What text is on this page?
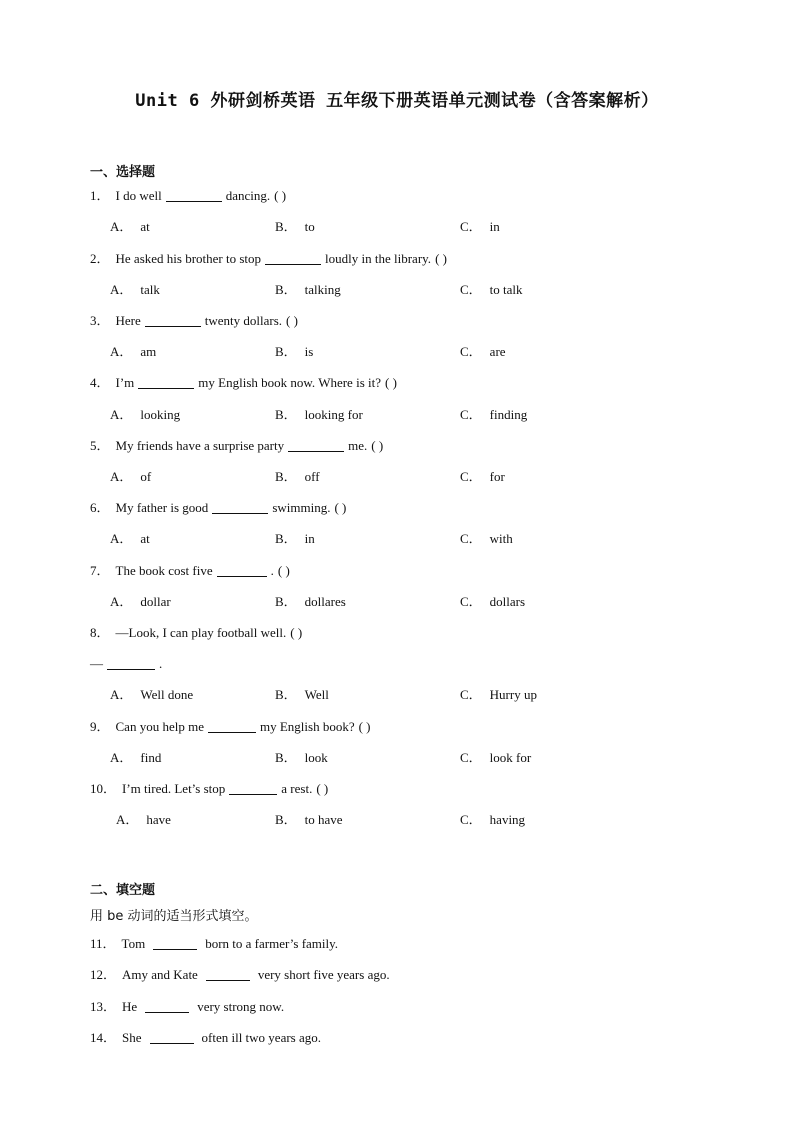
Unit 6 外研剑桥英语 五年级下册英语单元测试卷（含答案解析）
一、选择题
1． I do well	dancing. ( )
A． at	B． to	C． in
2． He asked his brother to stop	loudly in the library. ( )
A． talk	B． talking	C． to talk
3． Here	twenty dollars. ( )
A． am	B． is	C． are
4． I’m	my English book now. Where is it? ( )
A． looking	B． looking for	C． finding
5． My friends have a surprise party	me. ( )
A． of	B． off	C． for
6． My father is good	swimming. ( )
A． at	B． in	C． with
7． The book cost five	. ( )
A． dollar	B． dollares	C． dollars
8． —Look, I can play football well. ( )
—	.
A． Well done	B． Well	C． Hurry up
9． Can you help me	my English book? ( )
A． find	B． look	C． look for
10． I’m tired. Let’s stop	a rest. ( )
A． have	B． to have	C． having
二、填空题
用 be 动词的适当形式填空。
11． Tom	born to a farmer’s family.
12． Amy and Kate	very short five years ago.
13． He	very strong now.
14． She	often ill two years ago.
